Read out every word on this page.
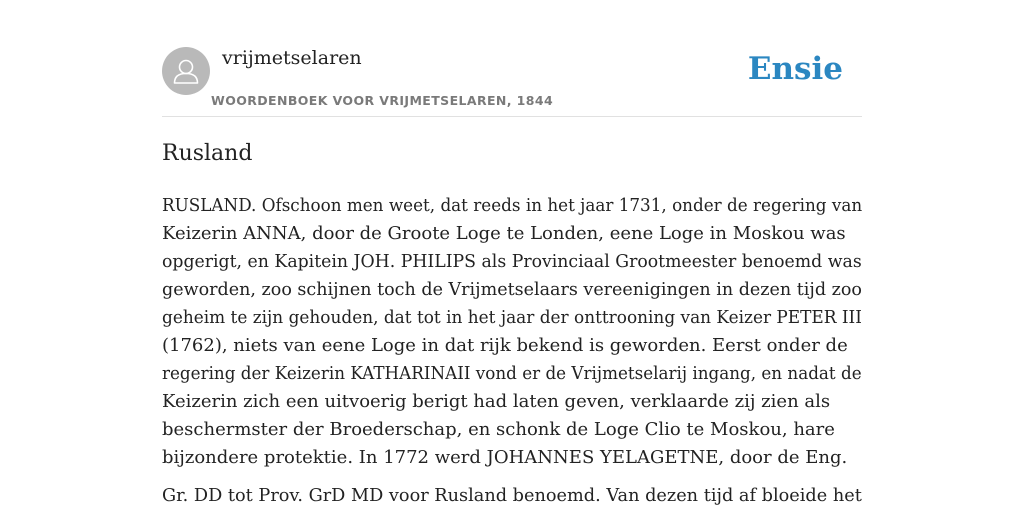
vrijmetselaren
WOORDENBOEK VOOR VRIJMETSELAREN, 1844
Ensie
Rusland

RUSLAND. Ofschoon men weet, dat reeds in het jaar 1731, onder de regering van
Keizerin ANNA, door de Groote Loge te Londen, eene Loge in Moskou was
opgerigt, en Kapitein JOH. PHILIPS als Provinciaal Grootmeester benoemd was
geworden, zoo schijnen toch de Vrijmetselaars vereenigingen in dezen tijd zoo
geheim te zijn gehouden, dat tot in het jaar der onttrooning van Keizer PETER III
(1762), niets van eene Loge in dat rijk bekend is geworden. Eerst onder de
regering der Keizerin KATHARINAII vond er de Vrijmetselarij ingang, en nadat de
Keizerin zich een uitvoerig berigt had laten geven, verklaarde zij zien als
beschermster der Broederschap, en schonk de Loge Clio te Moskou, hare
bijzondere protektie. In 1772 werd JOHANNES YELAGETNE, door de Eng.

Gr. DD tot Prov. GrD MD voor Rusland benoemd. Van dezen tijd af bloeide het
